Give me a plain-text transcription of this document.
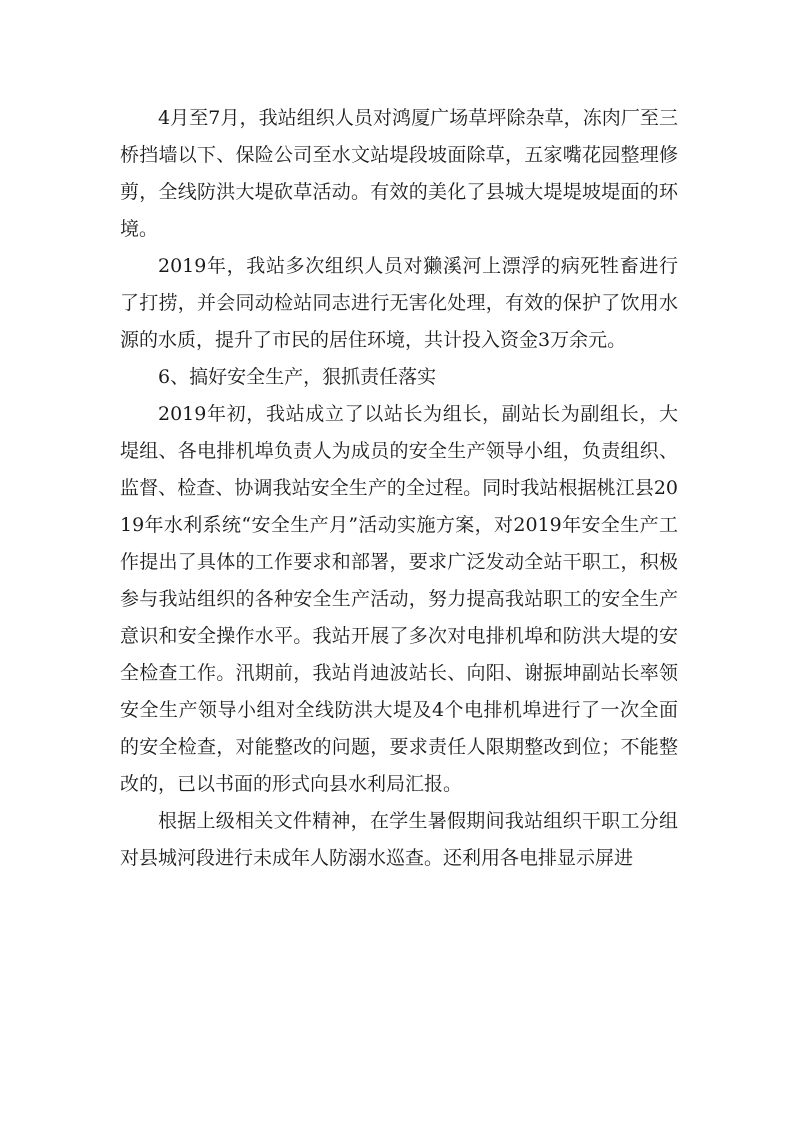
4月至7月，我站组织人员对鸿厦广场草坪除杂草，冻肉厂至三桥挡墙以下、保险公司至水文站堤段坡面除草，五家嘴花园整理修剪，全线防洪大堤砍草活动。有效的美化了县城大堤堤坡堤面的环境。

2019年，我站多次组织人员对獭溪河上漂浮的病死牲畜进行了打捞，并会同动检站同志进行无害化处理，有效的保护了饮用水源的水质，提升了市民的居住环境，共计投入资金3万余元。

6、搞好安全生产，狠抓责任落实

2019年初，我站成立了以站长为组长，副站长为副组长，大堤组、各电排机埠负责人为成员的安全生产领导小组，负责组织、监督、检查、协调我站安全生产的全过程。同时我站根据桃江县2019年水利系统“安全生产月”活动实施方案，对2019年安全生产工作提出了具体的工作要求和部署，要求广泛发动全站干职工，积极参与我站组织的各种安全生产活动，努力提高我站职工的安全生产意识和安全操作水平。我站开展了多次对电排机埠和防洪大堤的安全检查工作。汛期前，我站肖迪波站长、向阳、谢振坤副站长率领安全生产领导小组对全线防洪大堤及4个电排机埠进行了一次全面的安全检查，对能整改的问题，要求责任人限期整改到位；不能整改的，已以书面的形式向县水利局汇报。

根据上级相关文件精神，在学生暑假期间我站组织干职工分组对县城河段进行未成年人防溺水巡查。还利用各电排显示屏进
